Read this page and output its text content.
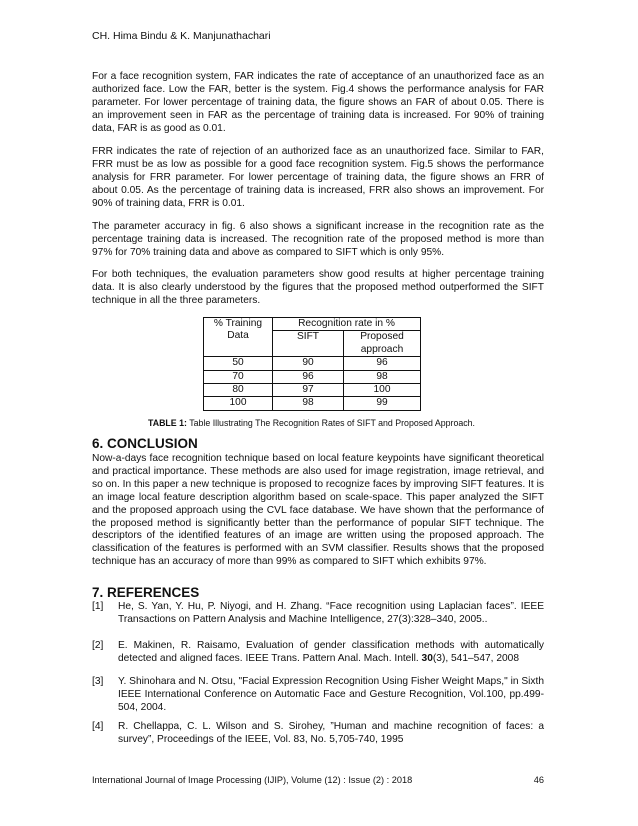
CH. Hima Bindu & K. Manjunathachari

For a face recognition system, FAR indicates the rate of acceptance of an unauthorized face as an authorized face. Low the FAR, better is the system. Fig.4 shows the performance analysis for FAR parameter. For lower percentage of training data, the figure shows an FAR of about 0.05. There is an improvement seen in FAR as the percentage of training data is increased. For 90% of training data, FAR is as good as 0.01.

FRR indicates the rate of rejection of an authorized face as an unauthorized face. Similar to FAR, FRR must be as low as possible for a good face recognition system. Fig.5 shows the performance analysis for FRR parameter. For lower percentage of training data, the figure shows an FRR of about 0.05. As the percentage of training data is increased, FRR also shows an improvement. For 90% of training data, FRR is 0.01.

The parameter accuracy in fig. 6 also shows a significant increase in the recognition rate as the percentage training data is increased. The recognition rate of the proposed method is more than 97% for 70% training data and above as compared to SIFT which is only 95%.

For both techniques, the evaluation parameters show good results at higher percentage training data. It is also clearly understood by the figures that the proposed method outperformed the SIFT technique in all the three parameters.

% Training Data	Recognition rate in %	
	SIFT	Proposed approach
50	90	96
70	96	98
80	97	100
100	98	99
TABLE 1: Table Illustrating The Recognition Rates of SIFT and Proposed Approach.
6. CONCLUSION

Now-a-days face recognition technique based on local feature keypoints have significant theoretical and practical importance. These methods are also used for image registration, image retrieval, and so on. In this paper a new technique is proposed to recognize faces by improving SIFT features. It is an image local feature description algorithm based on scale-space. This paper analyzed the SIFT and the proposed approach using the CVL face database. We have shown that the performance of the proposed method is significantly better than the performance of popular SIFT technique. The descriptors of the identified features of an image are written using the proposed approach. The classification of the features is performed with an SVM classifier. Results shows that the proposed technique has an accuracy of more than 99% as compared to SIFT which exhibits 97%.

7. REFERENCES
[1] He, S. Yan, Y. Hu, P. Niyogi, and H. Zhang. “Face recognition using Laplacian faces”. IEEE Transactions on Pattern Analysis and Machine Intelligence, 27(3):328–340, 2005..
[2] E. Makinen, R. Raisamo, Evaluation of gender classification methods with automatically detected and aligned faces. IEEE Trans. Pattern Anal. Mach. Intell. 30(3), 541–547, 2008
[3] Y. Shinohara and N. Otsu, "Facial Expression Recognition Using Fisher Weight Maps," in Sixth IEEE International Conference on Automatic Face and Gesture Recognition, Vol.100, pp.499-504, 2004.
[4] R. Chellappa, C. L. Wilson and S. Sirohey, ”Human and machine recognition of faces: a survey”, Proceedings of the IEEE, Vol. 83, No. 5,705-740, 1995
International Journal of Image Processing (IJIP), Volume (12) : Issue (2) : 2018	46
